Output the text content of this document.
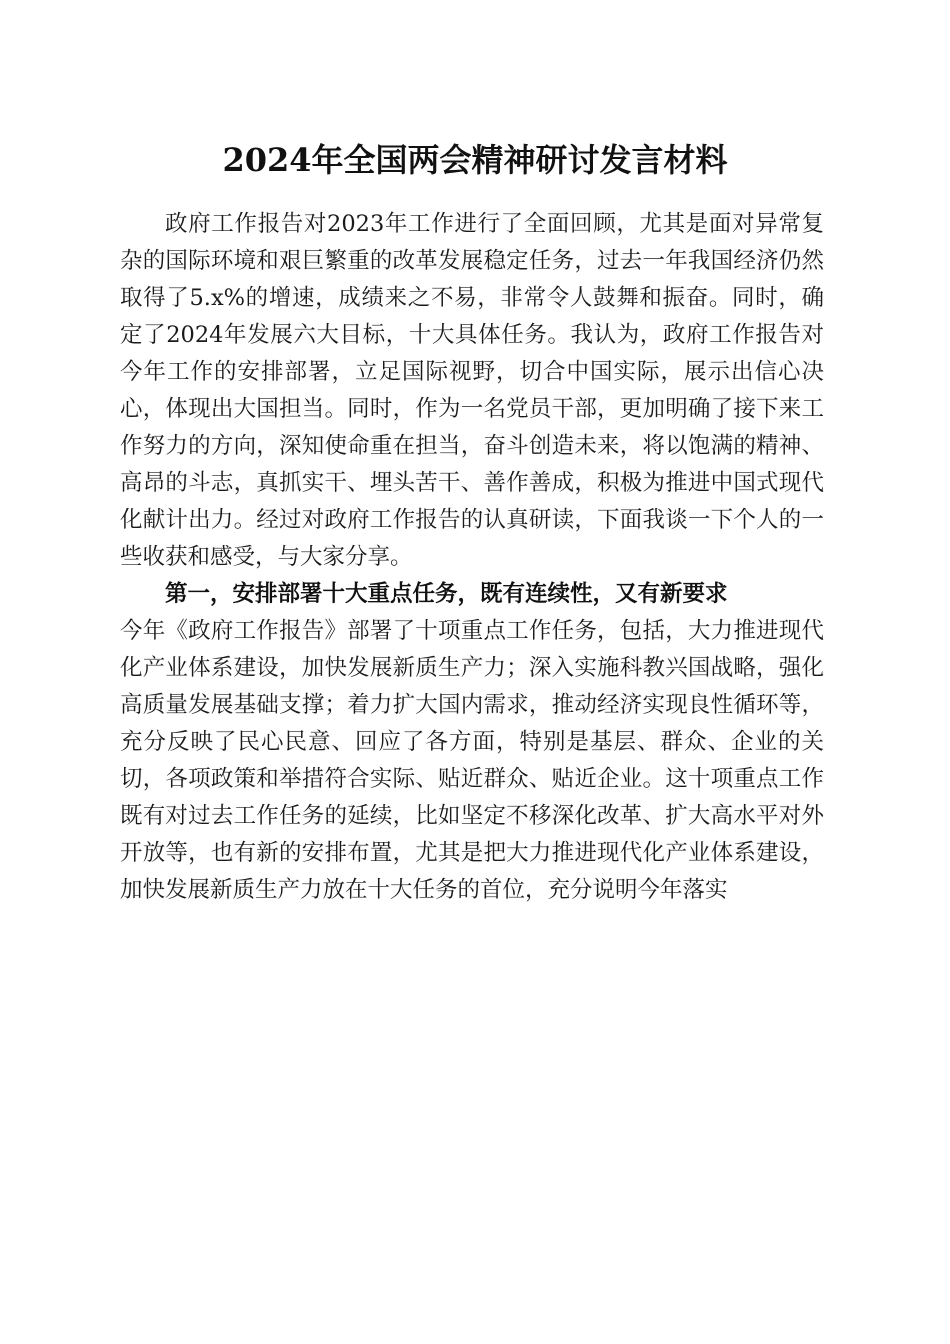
2024年全国两会精神研讨发言材料

政府工作报告对2023年工作进行了全面回顾，尤其是面对异常复杂的国际环境和艰巨繁重的改革发展稳定任务，过去一年我国经济仍然取得了5.x%的增速，成绩来之不易，非常令人鼓舞和振奋。同时，确定了2024年发展六大目标，十大具体任务。我认为，政府工作报告对今年工作的安排部署，立足国际视野，切合中国实际，展示出信心决心，体现出大国担当。同时，作为一名党员干部，更加明确了接下来工作努力的方向，深知使命重在担当，奋斗创造未来，将以饱满的精神、高昂的斗志，真抓实干、埋头苦干、善作善成，积极为推进中国式现代化献计出力。经过对政府工作报告的认真研读，下面我谈一下个人的一些收获和感受，与大家分享。

第一，安排部署十大重点任务，既有连续性，又有新要求
今年《政府工作报告》部署了十项重点工作任务，包括，大力推进现代化产业体系建设，加快发展新质生产力；深入实施科教兴国战略，强化高质量发展基础支撑；着力扩大国内需求，推动经济实现良性循环等，充分反映了民心民意、回应了各方面，特别是基层、群众、企业的关切，各项政策和举措符合实际、贴近群众、贴近企业。这十项重点工作既有对过去工作任务的延续，比如坚定不移深化改革、扩大高水平对外开放等，也有新的安排布置，尤其是把大力推进现代化产业体系建设，加快发展新质生产力放在十大任务的首位，充分说明今年落实
